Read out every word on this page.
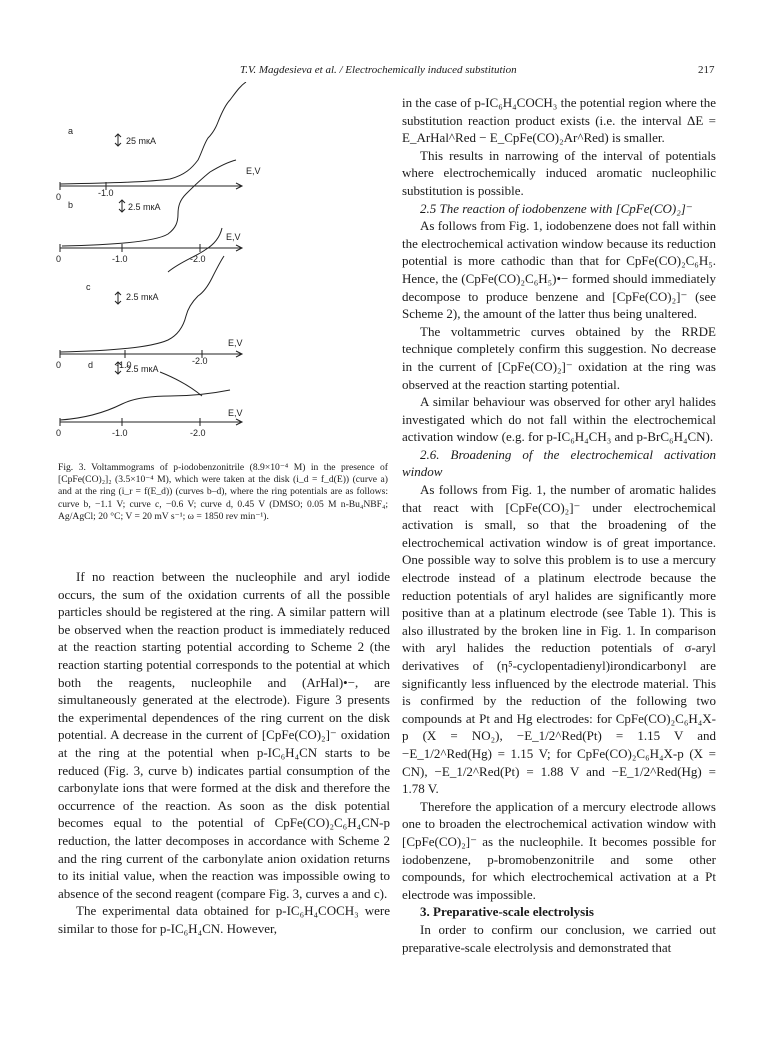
T.V. Magdesieva et al. / Electrochemically induced substitution	217
a
25 mкA
E,V
0	-1.0
b	2.5 mкA
E,V
0	-1.0	-2.0
c
2.5 mкA
E,V
0	-1.0	-2.0
d	2.5 mкA
E,V
0	-1.0	-2.0
Fig. 3. Voltammograms of p-iodobenzonitrile (8.9×10⁻⁴ M) in the presence of [CpFe(CO)₂]₂ (3.5×10⁻⁴ M), which were taken at the disk (i_d = f_d(E)) (curve a) and at the ring (i_r = f(E_d)) (curves b–d), where the ring potentials are as follows: curve b, −1.1 V; curve c, −0.6 V; curve d, 0.45 V (DMSO; 0.05 M n-Bu₄NBF₄; Ag/AgCl; 20 °C; V = 20 mV s⁻¹; ω = 1850 rev min⁻¹).

If no reaction between the nucleophile and aryl iodide occurs, the sum of the oxidation currents of all the possible particles should be registered at the ring. A similar pattern will be observed when the reaction product is immediately reduced at the reaction starting potential according to Scheme 2 (the reaction starting potential corresponds to the potential at which both the reagents, nucleophile and (ArHal)•−, are simultaneously generated at the electrode). Figure 3 presents the experimental dependences of the ring current on the disk potential. A decrease in the current of [CpFe(CO)₂]⁻ oxidation at the ring at the potential when p-IC₆H₄CN starts to be reduced (Fig. 3, curve b) indicates partial consumption of the carbonylate ions that were formed at the disk and therefore the occurrence of the reaction. As soon as the disk potential becomes equal to the potential of CpFe(CO)₂C₆H₄CN-p reduction, the latter decomposes in accordance with Scheme 2 and the ring current of the carbonylate anion oxidation returns to its initial value, when the reaction was impossible owing to absence of the second reagent (compare Fig. 3, curves a and c).

The experimental data obtained for p-IC₆H₄COCH₃ were similar to those for p-IC₆H₄CN. However,

in the case of p-IC₆H₄COCH₃ the potential region where the substitution reaction product exists (i.e. the interval ΔE = E_ArHal^Red − E_CpFe(CO)₂Ar^Red) is smaller.

This results in narrowing of the interval of potentials where electrochemically induced aromatic nucleophilic substitution is possible.

2.5 The reaction of iodobenzene with [CpFe(CO)₂]⁻

As follows from Fig. 1, iodobenzene does not fall within the electrochemical activation window because its reduction potential is more cathodic than that for CpFe(CO)₂C₆H₅. Hence, the (CpFe(CO)₂C₆H₅)•− formed should immediately decompose to produce benzene and [CpFe(CO)₂]⁻ (see Scheme 2), the amount of the latter thus being unaltered.

The voltammetric curves obtained by the RRDE technique completely confirm this suggestion. No decrease in the current of [CpFe(CO)₂]⁻ oxidation at the ring was observed at the reaction starting potential.

A similar behaviour was observed for other aryl halides investigated which do not fall within the electrochemical activation window (e.g. for p-IC₆H₄CH₃ and p-BrC₆H₄CN).

2.6. Broadening of the electrochemical activation window

As follows from Fig. 1, the number of aromatic halides that react with [CpFe(CO)₂]⁻ under electrochemical activation is small, so that the broadening of the electrochemical activation window is of great importance. One possible way to solve this problem is to use a mercury electrode instead of a platinum electrode because the reduction potentials of aryl halides are significantly more positive than at a platinum electrode (see Table 1). This is also illustrated by the broken line in Fig. 1. In comparison with aryl halides the reduction potentials of σ-aryl derivatives of (η⁵-cyclopentadienyl)irondicarbonyl are significantly less influenced by the electrode material. This is confirmed by the reduction of the following two compounds at Pt and Hg electrodes: for CpFe(CO)₂C₆H₄X-p (X = NO₂), −E_1/2^Red(Pt) = 1.15 V and −E_1/2^Red(Hg) = 1.15 V; for CpFe(CO)₂C₆H₄X-p (X = CN), −E_1/2^Red(Pt) = 1.88 V and −E_1/2^Red(Hg) = 1.78 V.

Therefore the application of a mercury electrode allows one to broaden the electrochemical activation window with [CpFe(CO)₂]⁻ as the nucleophile. It becomes possible for iodobenzene, p-bromobenzonitrile and some other compounds, for which electrochemical activation at a Pt electrode was impossible.

3. Preparative-scale electrolysis

In order to confirm our conclusion, we carried out preparative-scale electrolysis and demonstrated that
